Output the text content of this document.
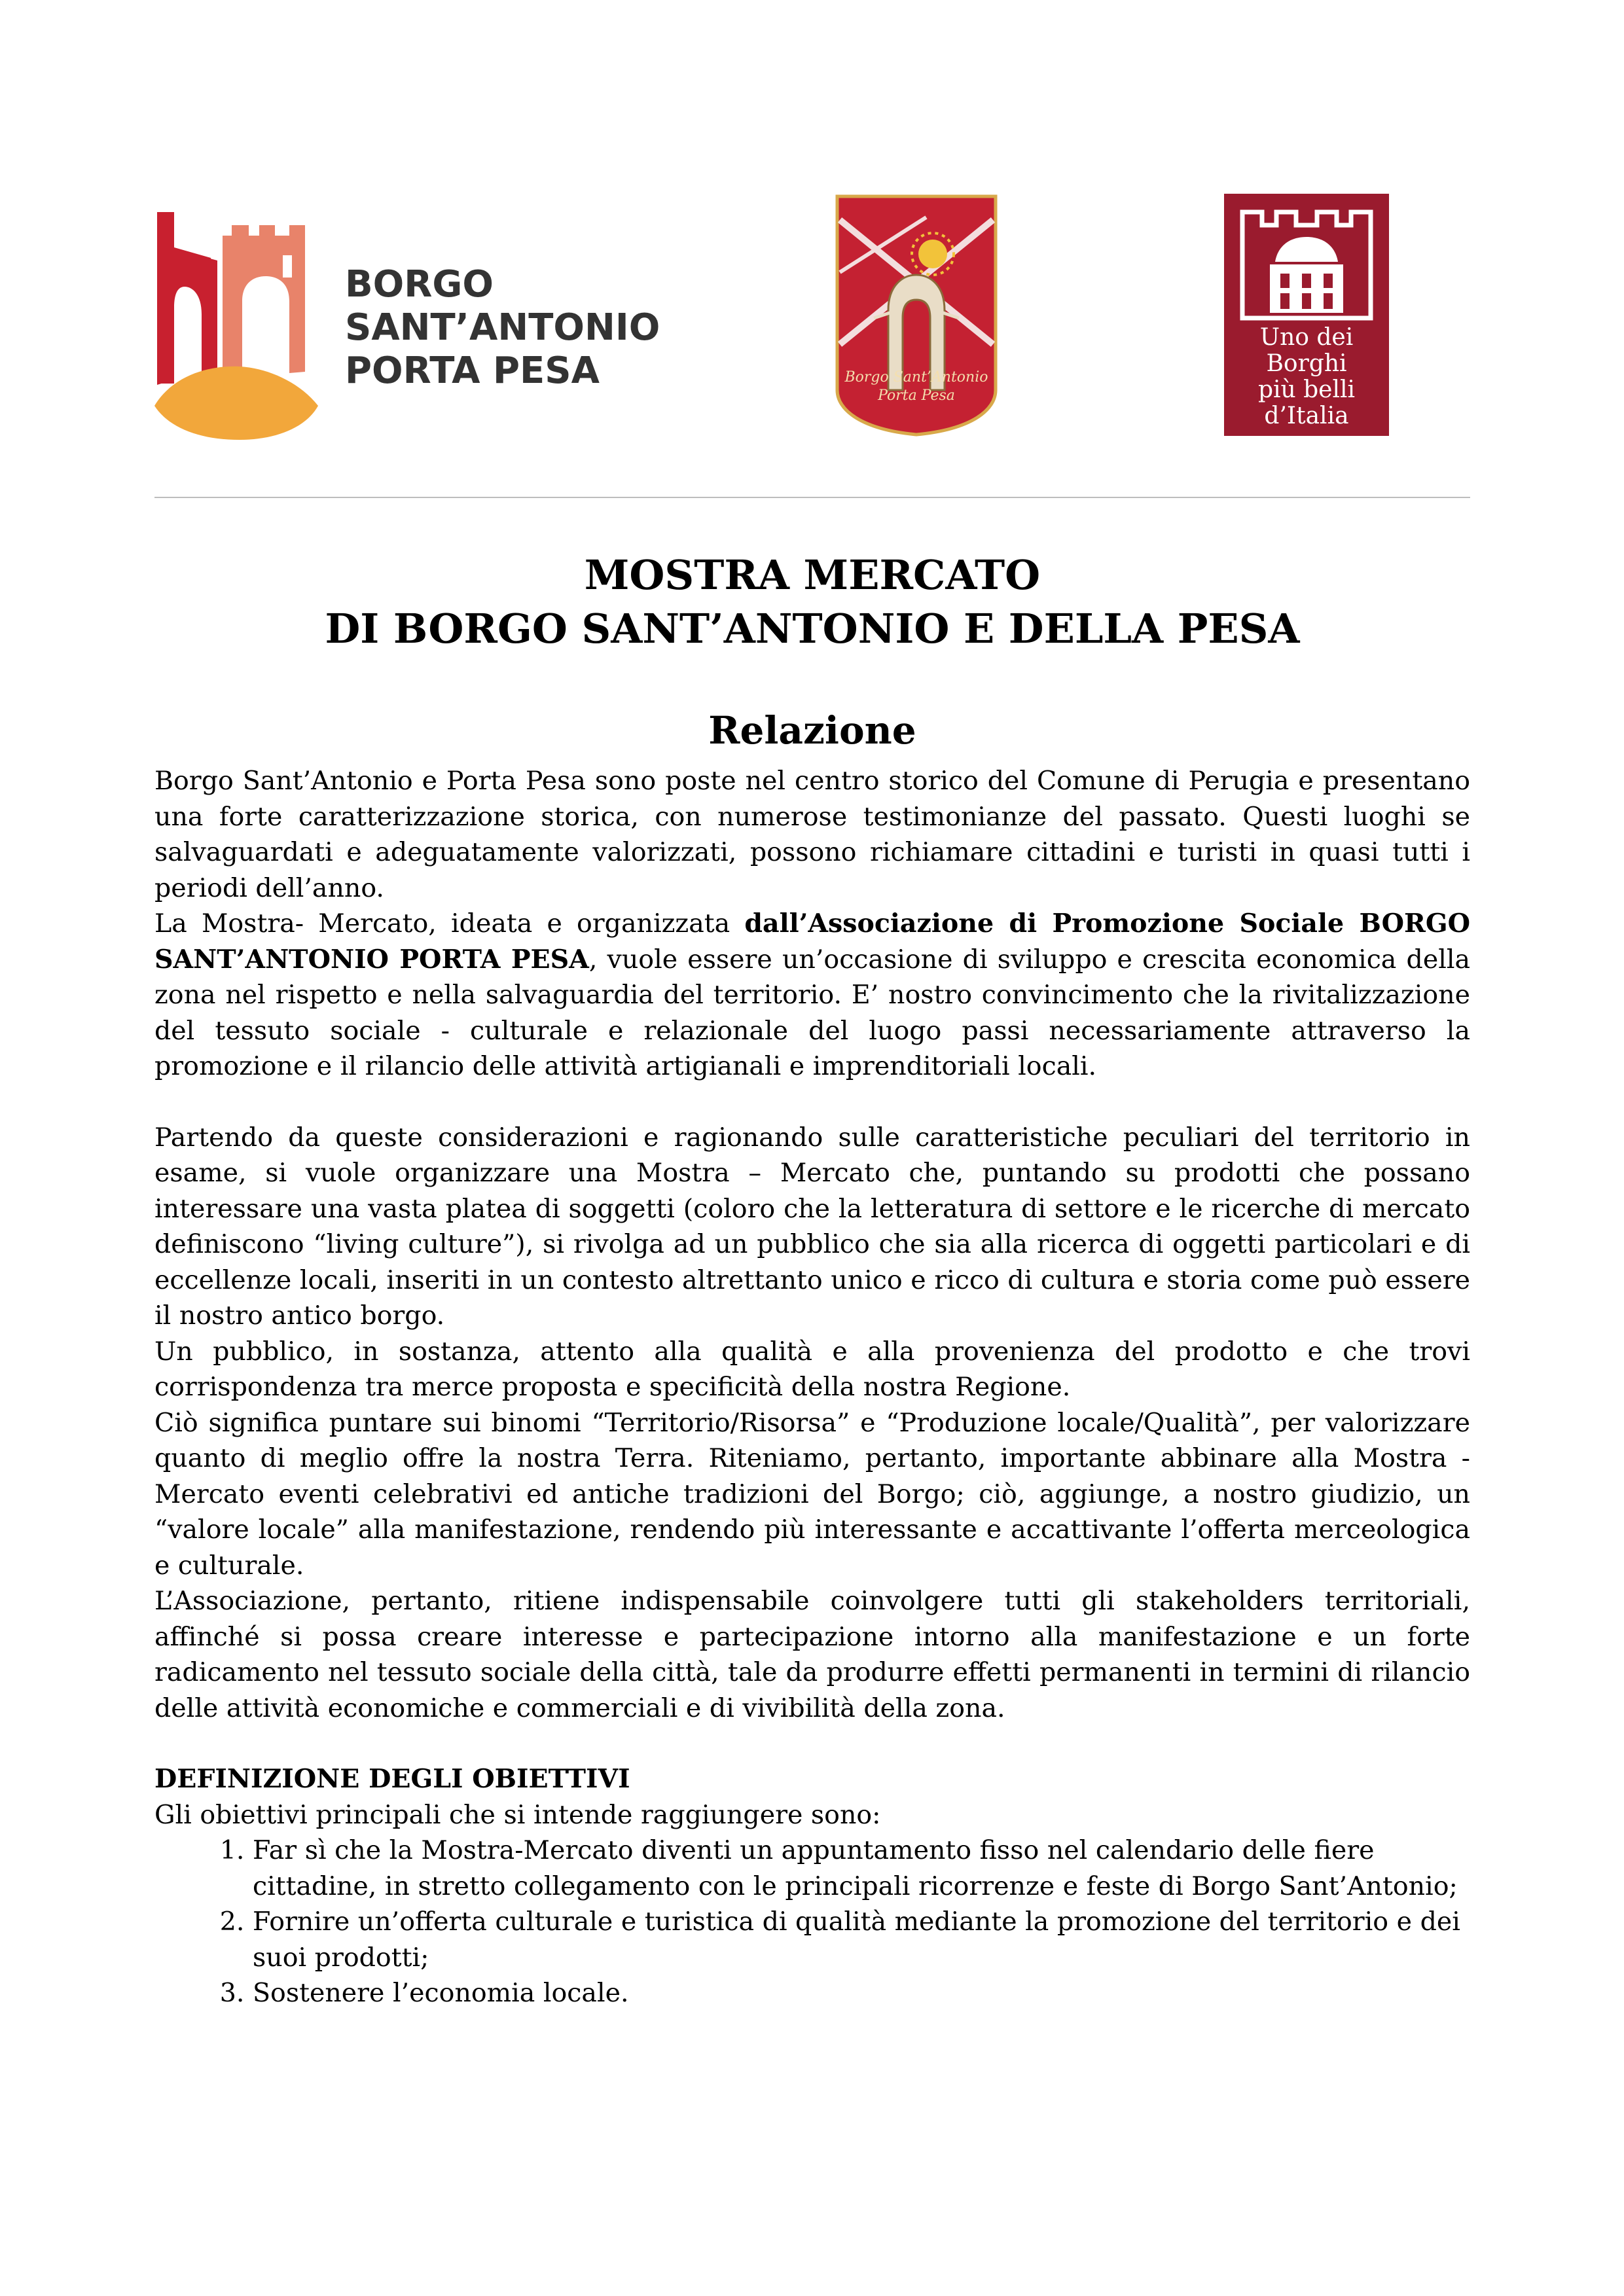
BORGO
SANT’ANTONIO
PORTA PESA	Borgo Sant’Antonio
Porta Pesa
Uno dei
Borghi
più belli
d’Italia
MOSTRA MERCATO
DI BORGO SANT’ANTONIO E DELLA PESA
Relazione

Borgo Sant’Antonio e Porta Pesa sono poste nel centro storico del Comune di Perugia e presentano una forte caratterizzazione storica, con numerose testimonianze del passato. Questi luoghi se salvaguardati e adeguatamente valorizzati, possono richiamare cittadini e turisti in quasi tutti i periodi dell’anno.

La Mostra- Mercato, ideata e organizzata dall’Associazione di Promozione Sociale BORGO SANT’ANTONIO PORTA PESA, vuole essere un’occasione di sviluppo e crescita economica della zona nel rispetto e nella salvaguardia del territorio. E’ nostro convincimento che la rivitalizzazione del tessuto sociale - culturale e relazionale del luogo passi necessariamente attraverso la promozione e il rilancio delle attività artigianali e imprenditoriali locali.

Partendo da queste considerazioni e ragionando sulle caratteristiche peculiari del territorio in esame, si vuole organizzare una Mostra – Mercato che, puntando su prodotti che possano interessare una vasta platea di soggetti (coloro che la letteratura di settore e le ricerche di mercato definiscono “living culture”), si rivolga ad un pubblico che sia alla ricerca di oggetti particolari e di eccellenze locali, inseriti in un contesto altrettanto unico e ricco di cultura e storia come può essere il nostro antico borgo.

Un pubblico, in sostanza, attento alla qualità e alla provenienza del prodotto e che trovi corrispondenza tra merce proposta e specificità della nostra Regione.

Ciò significa puntare sui binomi “Territorio/Risorsa” e “Produzione locale/Qualità”, per valorizzare quanto di meglio offre la nostra Terra. Riteniamo, pertanto, importante abbinare alla Mostra - Mercato eventi celebrativi ed antiche tradizioni del Borgo; ciò, aggiunge, a nostro giudizio, un “valore locale” alla manifestazione, rendendo più interessante e accattivante l’offerta merceologica e culturale.

L’Associazione, pertanto, ritiene indispensabile coinvolgere tutti gli stakeholders territoriali, affinché si possa creare interesse e partecipazione intorno alla manifestazione e un forte radicamento nel tessuto sociale della città, tale da produrre effetti permanenti in termini di rilancio delle attività economiche e commerciali e di vivibilità della zona.

DEFINIZIONE DEGLI OBIETTIVI

Gli obiettivi principali che si intende raggiungere sono:

1. Far sì che la Mostra-Mercato diventi un appuntamento fisso nel calendario delle fiere cittadine, in stretto collegamento con le principali ricorrenze e feste di Borgo Sant’Antonio;
2. Fornire un’offerta culturale e turistica di qualità mediante la promozione del territorio e dei suoi prodotti;
3. Sostenere l’economia locale.
